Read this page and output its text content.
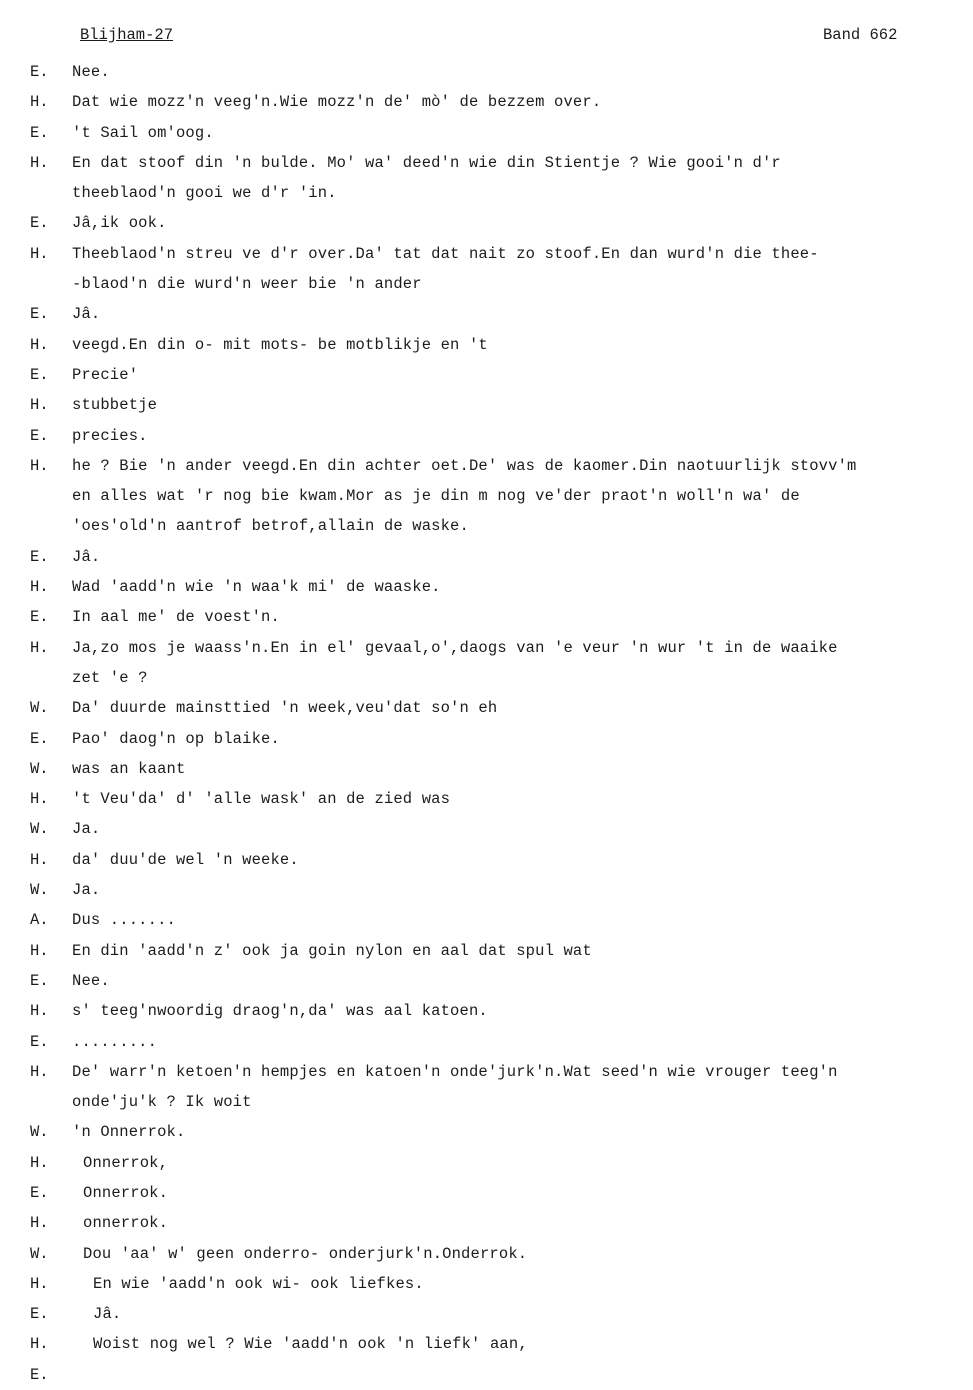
Blijham-27	Band 662
E. Nee.
H. Dat wie mozz'n veeg'n.Wie mozz'n de' mò' de bezzem over.
E. 't Sail om'oog.
H. En dat stoof din 'n bulde. Mo' wa' deed'n wie din Stientje ? Wie gooi'n d'r
theeblaod'n gooi we d'r 'in.
E. Jâ,ik ook.
H. Theeblaod'n streu ve d'r over.Da' tat dat nait zo stoof.En dan wurd'n die thee-
-blaod'n die wurd'n weer bie 'n ander
E. Jâ.
H. veegd.En din o- mit mots- be motblikje en 't
E. Precie'
H. stubbetje
E. precies.
H. he ? Bie 'n ander veegd.En din achter oet.De' was de kaomer.Din naotuurlijk stovv'm
en alles wat 'r nog bie kwam.Mor as je din m nog ve'der praot'n woll'n wa' de
'oes'old'n aantrof betrof,allain de waske.
E. Jâ.
H. Wad 'aadd'n wie 'n waa'k mi' de waaske.
E. In aal me' de voest'n.
H. Ja,zo mos je waass'n.En in el' gevaal,o',daogs van 'e veur 'n wur 't in de waaike
zet 'e ?
W. Da' duurde mainsttied 'n week,veu'dat so'n eh
E. Pao' daog'n op blaike.
W. was an kaant
H. 't Veu'da' d' 'alle wask' an de zied was
W. Ja.
H. da' duu'de wel 'n weeke.
W. Ja.
A. Dus .......
H. En din 'aadd'n z' ook ja goin nylon en aal dat spul wat
E. Nee.
H. s' teeg'nwoordig draog'n,da' was aal katoen.
E. .........
H. De' warr'n ketoen'n hempjes en katoen'n onde'jurk'n.Wat seed'n wie vrouger teeg'n
onde'ju'k ? Ik woit
W. 'n Onnerrok.
H. Onnerrok,
E. Onnerrok.
H. onnerrok.
W. Dou 'aa' w' geen onderro- onderjurk'n.Onderrok.
H.	En wie 'aadd'n ook wi- ook liefkes.
E.	Jâ.
H.	Woist nog wel ? Wie 'aadd'n ook 'n liefk' aan,
E.
